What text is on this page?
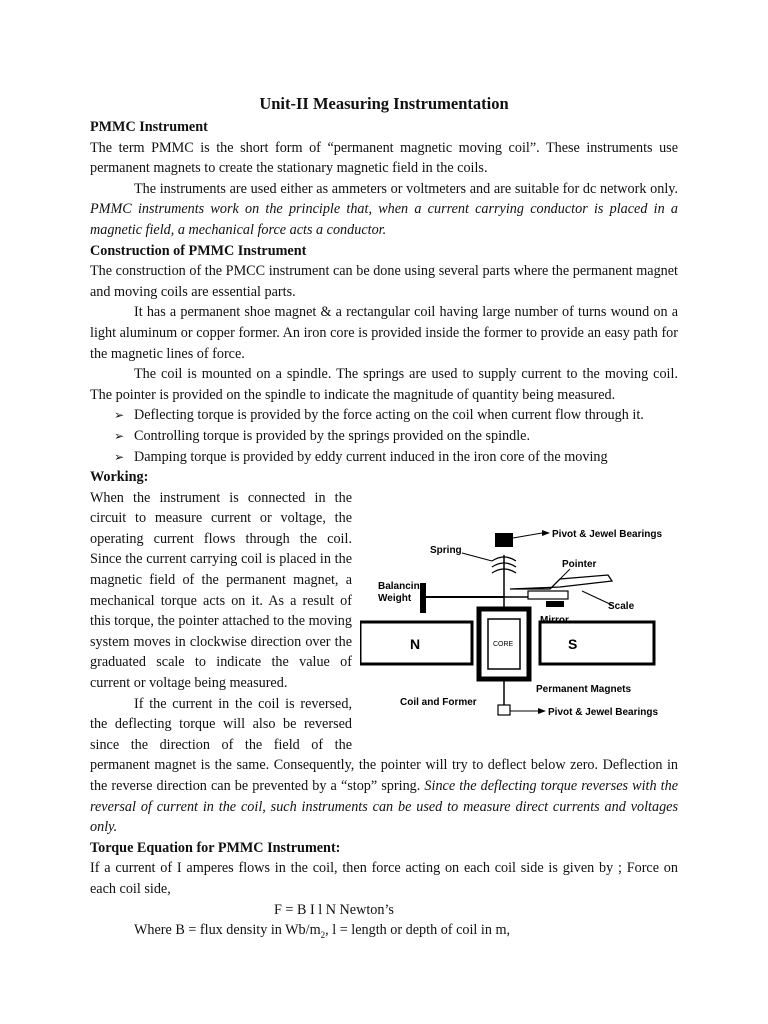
Unit-II Measuring Instrumentation
PMMC Instrument

The term PMMC is the short form of “permanent magnetic moving coil”. These instruments use permanent magnets to create the stationary magnetic field in the coils.

The instruments are used either as ammeters or voltmeters and are suitable for dc network only. PMMC instruments work on the principle that, when a current carrying conductor is placed in a magnetic field, a mechanical force acts a conductor.

Construction of PMMC Instrument

The construction of the PMCC instrument can be done using several parts where the permanent magnet and moving coils are essential parts.

It has a permanent shoe magnet & a rectangular coil having large number of turns wound on a light aluminum or copper former. An iron core is provided inside the former to provide an easy path for the magnetic lines of force.

The coil is mounted on a spindle. The springs are used to supply current to the moving coil. The pointer is provided on the spindle to indicate the magnitude of quantity being measured.

➢ Deflecting torque is provided by the force acting on the coil when current flow through it.
➢ Controlling torque is provided by the springs provided on the spindle.
➢ Damping torque is provided by eddy current induced in the iron core of the moving
Working:
N	S
CORE
Pivot & Jewel Bearings
Spring
Pointer
Balancing
Weight
Scale
Mirror
Permanent Magnets
Coil and Former
Pivot & Jewel Bearings

When the instrument is connected in the circuit to measure current or voltage, the operating current flows through the coil. Since the current carrying coil is placed in the magnetic field of the permanent magnet, a mechanical torque acts on it. As a result of this torque, the pointer attached to the moving system moves in clockwise direction over the graduated scale to indicate the value of current or voltage being measured.

If the current in the coil is reversed, the deflecting torque will also be reversed since the direction of the field of the permanent magnet is the same. Consequently, the pointer will try to deflect below zero. Deflection in the reverse direction can be prevented by a “stop” spring. Since the deflecting torque reverses with the reversal of current in the coil, such instruments can be used to measure direct currents and voltages only.

Torque Equation for PMMC Instrument:

If a current of I amperes flows in the coil, then force acting on each coil side is given by ; Force on each coil side,

F = B I l N Newton’s

Where B = flux density in $Wb/m_2$, l = length or depth of coil in m,
